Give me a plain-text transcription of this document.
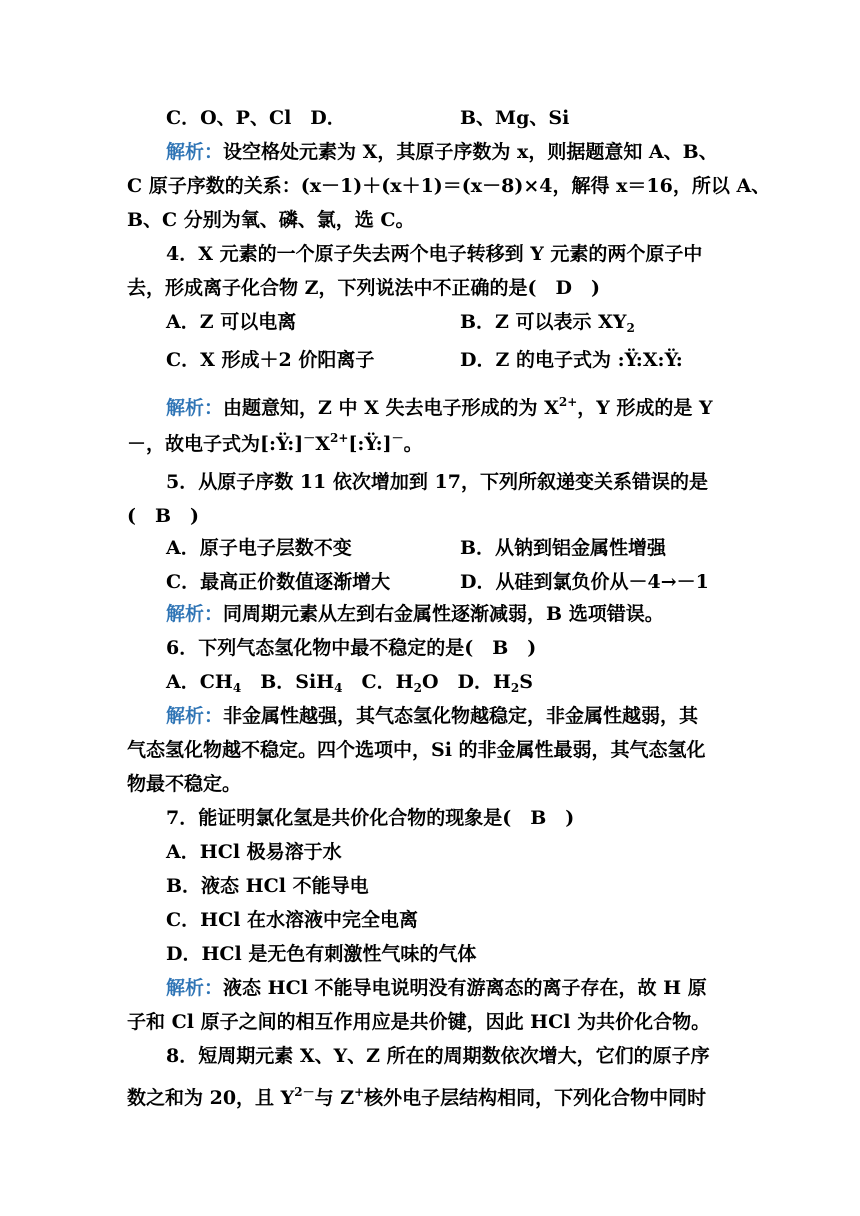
C．O、P、Cl　D．	B、Mg、Si
解析：设空格处元素为 X，其原子序数为 x，则据题意知 A、B、
C 原子序数的关系：(x－1)＋(x＋1)＝(x－8)×4，解得 x＝16，所以 A、
B、C 分别为氧、磷、氯，选 C。
4．X 元素的一个原子失去两个电子转移到 Y 元素的两个原子中
去，形成离子化合物 Z，下列说法中不正确的是(　D　)
A．Z 可以电离	B．Z 可以表示 $XY_2$
C．X 形成＋2 价阳离子	D．Z 的电子式为 :Ÿ:X:Ÿ:
解析：由题意知，Z 中 X 失去电子形成的为 $X^{2+}$，Y 形成的是 Y
－，故电子式为$[:Ÿ:]^-X^{2+}[:Ÿ:]^-$。
5．从原子序数 11 依次增加到 17，下列所叙递变关系错误的是
(　B　)
A．原子电子层数不变	B．从钠到铝金属性增强
C．最高正价数值逐渐增大	D．从硅到氯负价从－4→－1
解析：同周期元素从左到右金属性逐渐减弱，B 选项错误。
6．下列气态氢化物中最不稳定的是(　B　)
A．$CH_4$　B．SiH$_4$　C．$H_2O$　D．$H_2S$
解析：非金属性越强，其气态氢化物越稳定，非金属性越弱，其
气态氢化物越不稳定。四个选项中，Si 的非金属性最弱，其气态氢化
物最不稳定。
7．能证明氯化氢是共价化合物的现象是(　B　)
A．HCl 极易溶于水
B．液态 HCl 不能导电
C．HCl 在水溶液中完全电离
D．HCl 是无色有刺激性气味的气体
解析：液态 HCl 不能导电说明没有游离态的离子存在，故 H 原
子和 Cl 原子之间的相互作用应是共价键，因此 HCl 为共价化合物。
8．短周期元素 X、Y、Z 所在的周期数依次增大，它们的原子序
数之和为 20，且 $Y^{2-}$与 Z+核外电子层结构相同，下列化合物中同时
